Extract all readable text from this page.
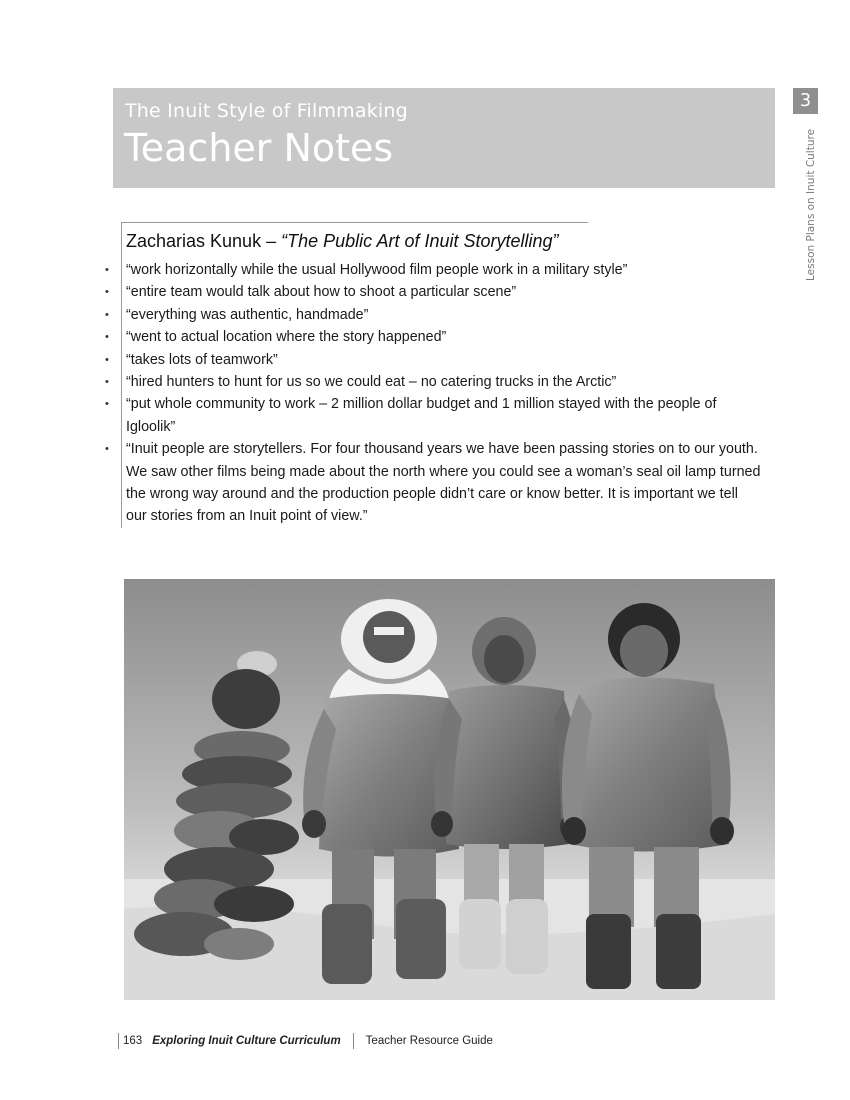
The Inuit Style of Filmmaking
Teacher Notes
3
Lesson Plans on Inuit Culture
Zacharias Kunuk – “The Public Art of Inuit Storytelling”
• “work horizontally while the usual Hollywood film people work in a military style”
• “entire team would talk about how to shoot a particular scene”
• “everything was authentic, handmade”
• “went to actual location where the story happened”
• “takes lots of teamwork”
• “hired hunters to hunt for us so we could eat – no catering trucks in the Arctic”
• “put whole community to work – 2 million dollar budget and 1 million stayed with the people of Igloolik”
• “Inuit people are storytellers. For four thousand years we have been passing stories on to our youth. We saw other films being made about the north where you could see a woman’s seal oil lamp turned the wrong way around and the production people didn’t care or know better. It is important we tell our stories from an Inuit point of view.”
163 Exploring Inuit Culture Curriculum	Teacher Resource Guide
